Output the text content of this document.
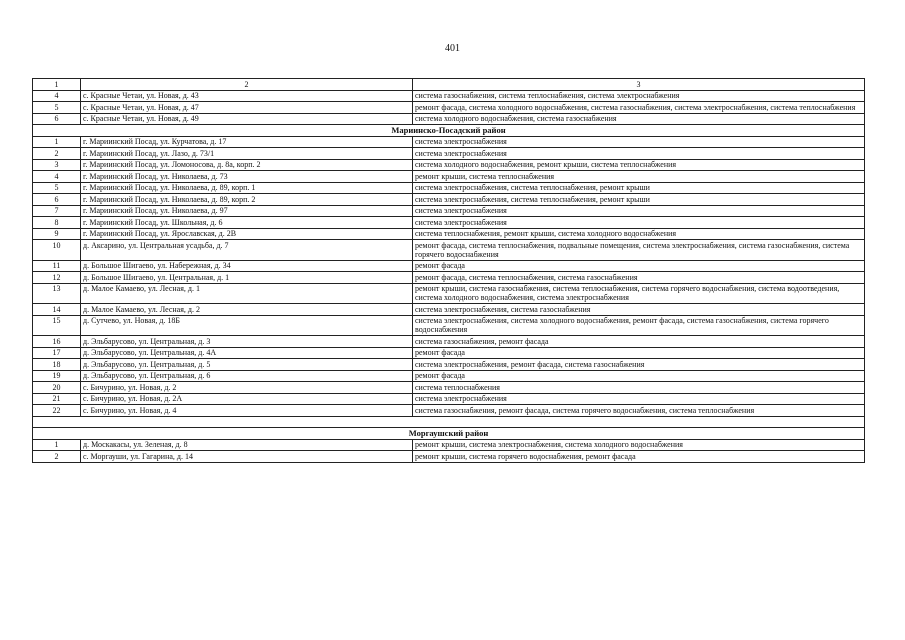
401
1	2	3
4	с. Красные Четаи, ул. Новая, д. 43	система газоснабжения, система теплоснабжения, система электроснабжения
5	с. Красные Четаи, ул. Новая, д. 47	ремонт фасада, система холодного водоснабжения, система газоснабжения, система электроснабжения, система теплоснабжения
6	с. Красные Четаи, ул. Новая, д. 49	система холодного водоснабжения, система газоснабжения
Мариинско-Посадский район		
1	г. Мариинский Посад, ул. Курчатова, д. 17	система электроснабжения
2	г. Мариинский Посад, ул. Лазо, д. 73/1	система электроснабжения
3	г. Мариинский Посад, ул. Ломоносова, д. 8а, корп. 2	система холодного водоснабжения, ремонт крыши, система теплоснабжения
4	г. Мариинский Посад, ул. Николаева, д. 73	ремонт крыши, система теплоснабжения
5	г. Мариинский Посад, ул. Николаева, д. 89, корп. 1	система электроснабжения, система теплоснабжения, ремонт крыши
6	г. Мариинский Посад, ул. Николаева, д. 89, корп. 2	система электроснабжения, система теплоснабжения, ремонт крыши
7	г. Мариинский Посад, ул. Николаева, д. 97	система электроснабжения
8	г. Мариинский Посад, ул. Школьная, д. 6	система электроснабжения
9	г. Мариинский Посад, ул. Ярославская, д. 2В	система теплоснабжения, ремонт крыши, система холодного водоснабжения
10	д. Аксарино, ул. Центральная усадьба, д. 7	ремонт фасада, система теплоснабжения, подвальные помещения, система электроснабжения, система газоснабжения, система горячего водоснабжения
11	д. Большое Шигаево, ул. Набережная, д. 34	ремонт фасада
12	д. Большое Шигаево, ул. Центральная, д. 1	ремонт фасада, система теплоснабжения, система газоснабжения
13	д. Малое Камаево, ул. Лесная, д. 1	ремонт крыши, система газоснабжения, система теплоснабжения, система горячего водоснабжения, система водоотведения, система холодного водоснабжения, система электроснабжения
14	д. Малое Камаево, ул. Лесная, д. 2	система электроснабжения, система газоснабжения
15	д. Сутчево, ул. Новая, д. 18Б	система электроснабжения, система холодного водоснабжения, ремонт фасада, система газоснабжения, система горячего водоснабжения
16	д. Эльбарусово, ул. Центральная, д. 3	система газоснабжения, ремонт фасада
17	д. Эльбарусово, ул. Центральная, д. 4А	ремонт фасада
18	д. Эльбарусово, ул. Центральная, д. 5	система электроснабжения, ремонт фасада, система газоснабжения
19	д. Эльбарусово, ул. Центральная, д. 6	ремонт фасада
20	с. Бичурино, ул. Новая, д. 2	система теплоснабжения
21	с. Бичурино, ул. Новая, д. 2А	система электроснабжения
22	с. Бичурино, ул. Новая, д. 4	система газоснабжения, ремонт фасада, система горячего водоснабжения, система теплоснабжения

Моргаушский район		
1	д. Москакасы, ул. Зеленая, д. 8	ремонт крыши, система электроснабжения, система холодного водоснабжения
2	с. Моргауши, ул. Гагарина, д. 14	ремонт крыши, система горячего водоснабжения, ремонт фасада
